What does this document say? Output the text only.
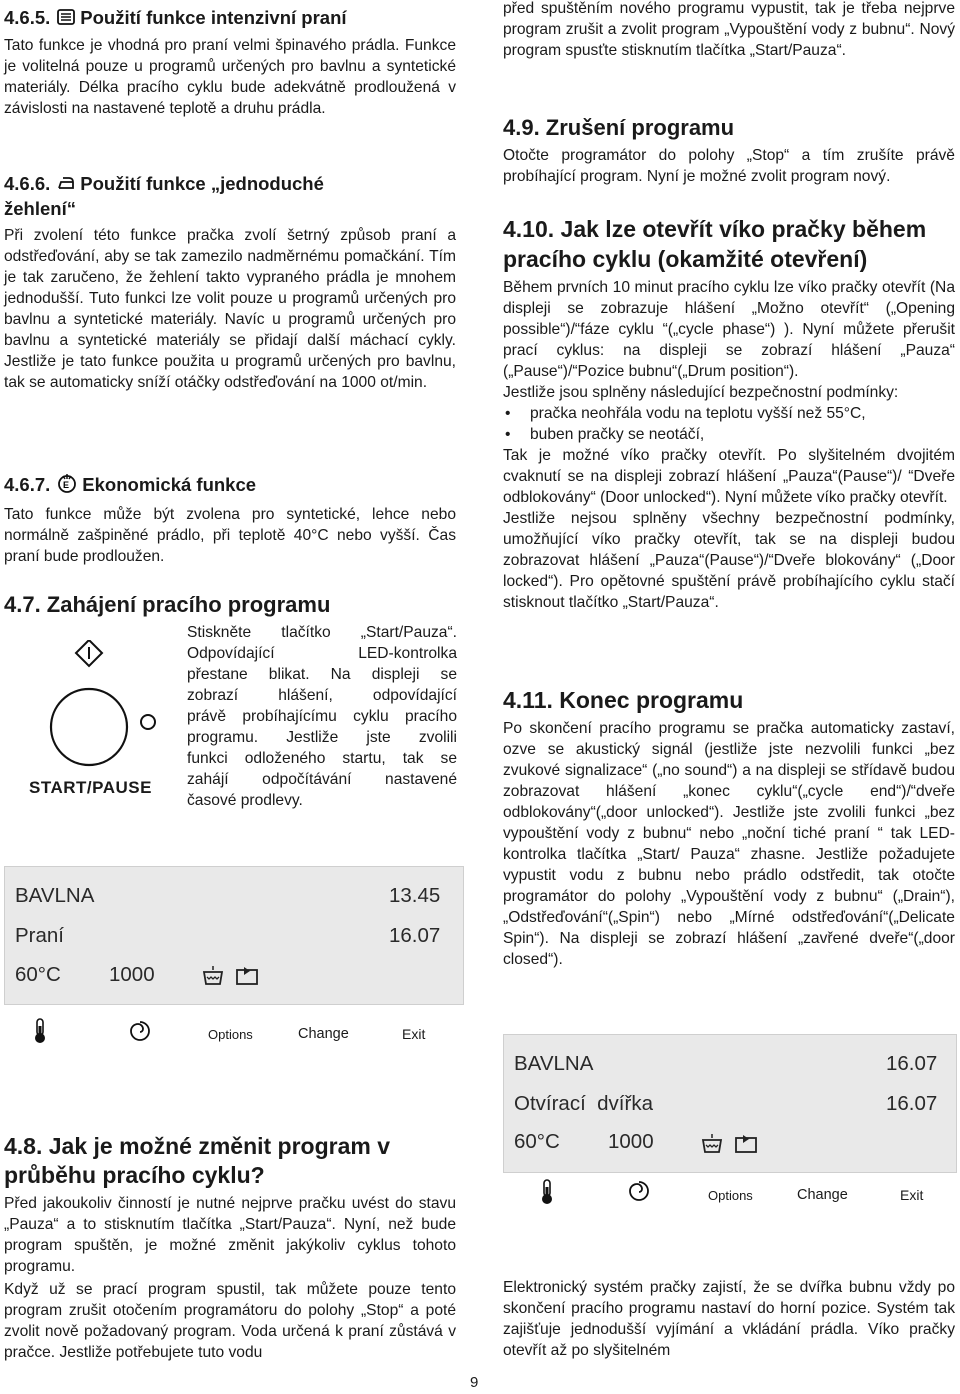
4.6.5. Použití funkce intenzivní praní

Tato funkce je vhodná pro praní velmi špinavého prádla. Funkce je volitelná pouze u programů určených pro bavlnu a syntetické materiály. Délka pracího cyklu bude adekvátně prodloužená v závislosti na nastavené teplotě a druhu prádla.

4.6.6. Použití funkce „jednoduché
žehlení“

Při zvolení této funkce pračka zvolí šetrný způsob praní a odstřeďování, aby se tak zamezilo nadměrnému pomačkání. Tím je tak zaručeno, že žehlení takto vypraného prádla je mnohem jednodušší. Tuto funkci lze volit pouze u programů určených pro bavlnu a syntetické materiály. Navíc u programů určených pro bavlnu a syntetické materiály se přidají další máchací cykly. Jestliže je tato funkce použita u programů určených pro bavlnu, tak se automaticky sníží otáčky odstřeďování na 1000 ot/min.

4.6.7. E Ekonomická funkce

Tato funkce může být zvolena pro syntetické, lehce nebo normálně zašpiněné prádlo, při teplotě 40°C nebo vyšší. Čas praní bude prodloužen.

4.7. Zahájení pracího programu
START/PAUSE

Stiskněte tlačítko „Start/Pauza“.

Odpovídající LED-kontrolka

přestane blikat. Na displeji se

zobrazí hlášení, odpovídající

právě probíhajícímu cyklu pracího

programu. Jestliže jste zvolili

funkci odloženého startu, tak se

zahájí odpočítávání nastavené

časové prodlevy.

BAVLNA	13.45
Praní	16.07
60°C 1000
Options	Change	Exit
4.8. Jak je možné změnit program v
průběhu pracího cyklu?

Před jakoukoliv činností je nutné nejprve pračku uvést do stavu „Pauza“ a to stisknutím tlačítka „Start/Pauza“. Nyní, než bude program spuštěn, je možné změnit jakýkoliv cyklus tohoto programu.

Když už se prací program spustil, tak můžete pouze tento program zrušit otočením programátoru do polohy „Stop“ a poté zvolit nově požadovaný program. Voda určená k praní zůstává v pračce. Jestliže potřebujete tuto vodu

před spuštěním nového programu vypustit, tak je třeba nejprve program zrušit a zvolit program „Vypouštění vody z bubnu“. Nový program spusťte stisknutím tlačítka „Start/Pauza“.

4.9. Zrušení programu

Otočte programátor do polohy „Stop“ a tím zrušíte právě probíhající program. Nyní je možné zvolit program nový.

4.10. Jak lze otevřít víko pračky během
pracího cyklu (okamžité otevření)

Během prvních 10 minut pracího cyklu lze víko pračky otevřít (Na displeji se zobrazuje hlášení „Možno otevřít“ („Opening possible“)/“fáze cyklu “(„cycle phase“) ). Nyní můžete přerušit prací cyklus: na displeji se zobrazí hlášení „Pauza“ („Pause“)/“Pozice bubnu“(„Drum position“).

Jestliže jsou splněny následující bezpečnostní podmínky:

• pračka neohřála vodu na teplotu vyšší než 55°C,

• buben pračky se neotáčí,

Tak je možné víko pračky otevřít. Po slyšitelném dvojitém cvaknutí se na displeji zobrazí hlášení „Pauza“(Pause“)/ “Dveře odblokovány“ (Door unlocked“). Nyní můžete víko pračky otevřít.

Jestliže nejsou splněny všechny bezpečnostní podmínky, umožňující víko pračky otevřít, tak se na displeji budou zobrazovat hlášení „Pauza“(Pause“)/“Dveře blokovány“ („Door locked“). Pro opětovné spuštění právě probíhajícího cyklu stačí stisknout tlačítko „Start/Pauza“.

4.11. Konec programu

Po skončení pracího programu se pračka automaticky zastaví, ozve se akustický signál (jestliže jste nezvolili funkci „bez zvukové signalizace“ („no sound“) a na displeji se střídavě budou zobrazovat hlášení „konec cyklu“(„cycle end“)/“dveře odblokovány“(„door unlocked“). Jestliže jste zvolili funkci „bez vypouštění vody z bubnu“ nebo „noční tiché praní “ tak LED-kontrolka tlačítka „Start/ Pauza“ zhasne. Jestliže požadujete vypustit vodu z bubnu nebo prádlo odstředit, tak otočte programátor do polohy „Vypouštění vody z bubnu“ („Drain“), „Odstřeďování“(„Spin“) nebo „Mírné odstřeďování“(„Delicate Spin“). Na displeji se zobrazí hlášení „zavřené dveře“(„door closed“).

BAVLNA	16.07
Otvírací  dvířka	16.07
60°C 1000
Options	Change	Exit

Elektronický systém pračky zajistí, že se dvířka bubnu vždy po skončení pracího programu nastaví do horní pozice. Systém tak zajišťuje jednodušší vyjímání a vkládání prádla. Víko pračky otevřít až po slyšitelném

9
